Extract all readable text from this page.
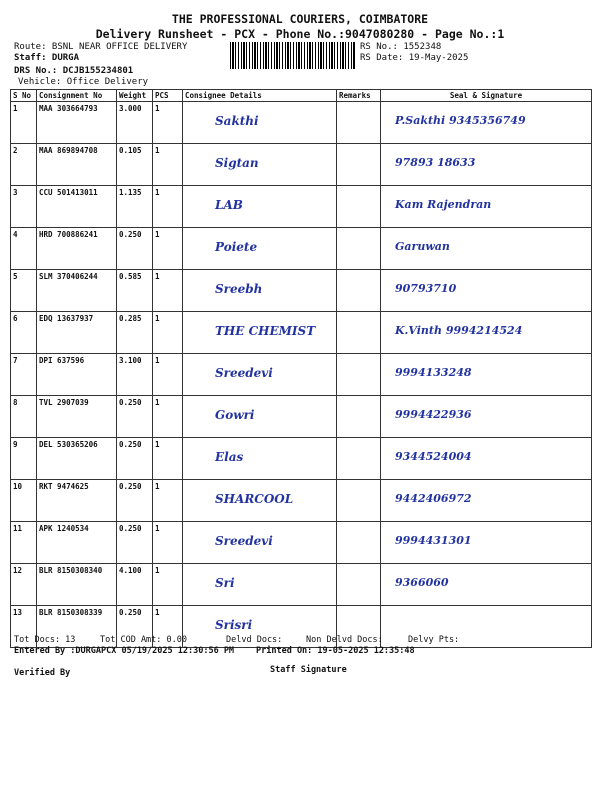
THE PROFESSIONAL COURIERS, COIMBATORE
Delivery Runsheet - PCX - Phone No.:9047080280 - Page No.:1
Route: BSNL NEAR OFFICE DELIVERY
Staff: DURGA
DRS No.: DCJB155234801
Vehicle: Office Delivery
RS No.: 1552348
RS Date: 19-May-2025
S No	Consignment No	Weight	PCS	Consignee Details	Remarks	Seal & Signature
1	MAA 303664793	3.000	1	Sakthi		P.Sakthi 9345356749
2	MAA 869894708	0.105	1	Sigtan		97893 18633
3	CCU 501413011	1.135	1	LAB		Kam Rajendran
4	HRD 700886241	0.250	1	Poiete		Garuwan
5	SLM 370406244	0.585	1	Sreebh		90793710
6	EDQ 13637937	0.285	1	THE CHEMIST		K.Vinth 9994214524
7	DPI 637596	3.100	1	Sreedevi		9994133248
8	TVL 2907039	0.250	1	Gowri		9994422936
9	DEL 530365206	0.250	1	Elas		9344524004
10	RKT 9474625	0.250	1	SHARCOOL		9442406972
11	APK 1240534	0.250	1	Sreedevi		9994431301
12	BLR 8150308340	4.100	1	Sri		9366060
13	BLR 8150308339	0.250	1	Srisri		
Tot Docs: 13	Tot COD Amt: 0.00	Delvd Docs:	Non Delvd Docs:	Delvy Pts:
Entered By :DURGAPCX 05/19/2025 12:30:56 PM	Printed On: 19-05-2025 12:35:48
Verified By	Staff Signature
